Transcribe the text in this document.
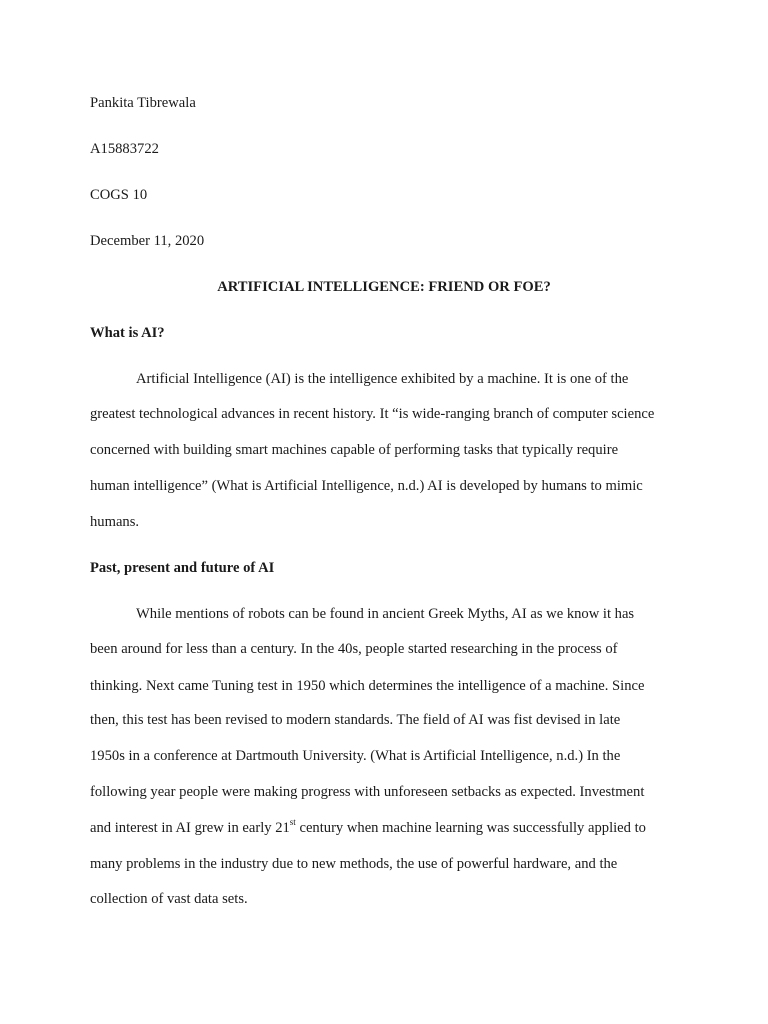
Pankita Tibrewala
A15883722
COGS 10
December 11, 2020
ARTIFICIAL INTELLIGENCE: FRIEND OR FOE?
What is AI?
Artificial Intelligence (AI) is the intelligence exhibited by a machine. It is one of the
greatest technological advances in recent history. It “is wide-ranging branch of computer science
concerned with building smart machines capable of performing tasks that typically require
human intelligence” (What is Artificial Intelligence, n.d.) AI is developed by humans to mimic
humans.
Past, present and future of AI
While mentions of robots can be found in ancient Greek Myths, AI as we know it has
been around for less than a century. In the 40s, people started researching in the process of
thinking. Next came Tuning test in 1950 which determines the intelligence of a machine. Since
then, this test has been revised to modern standards. The field of AI was fist devised in late
1950s in a conference at Dartmouth University. (What is Artificial Intelligence, n.d.) In the
following year people were making progress with unforeseen setbacks as expected. Investment
and interest in AI grew in early 21st century when machine learning was successfully applied to
many problems in the industry due to new methods, the use of powerful hardware, and the
collection of vast data sets.
